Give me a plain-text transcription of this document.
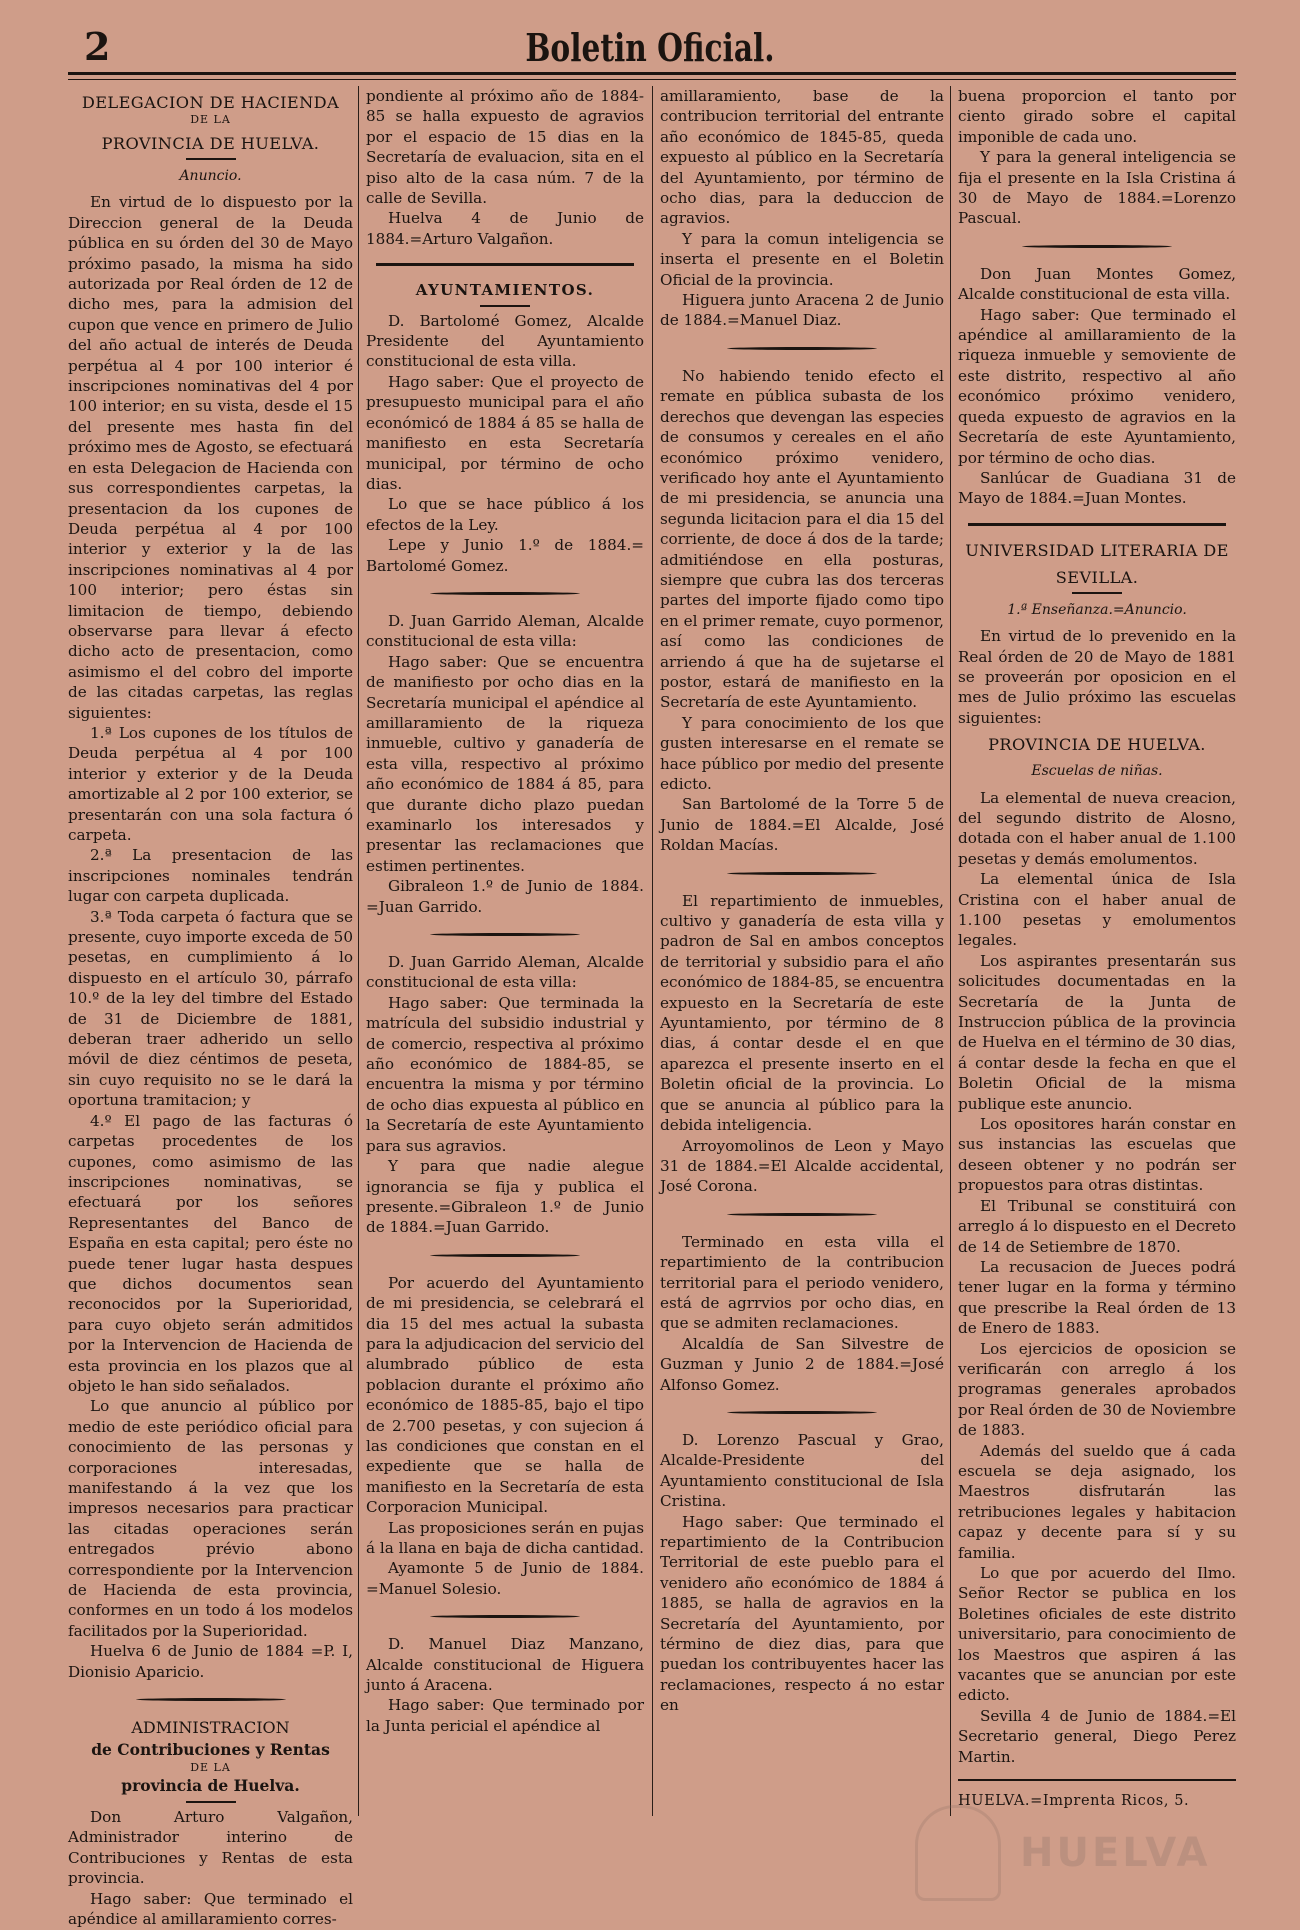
2	Boletin Oficial.
DELEGACION DE HACIENDA
DE LA
PROVINCIA DE HUELVA.
Anuncio.

En virtud de lo dispuesto por la Direccion general de la Deuda pública en su órden del 30 de Mayo próximo pasado, la misma ha sido autorizada por Real órden de 12 de dicho mes, para la admision del cupon que vence en primero de Julio del año actual de interés de Deuda perpétua al 4 por 100 interior é inscripciones nominativas del 4 por 100 interior; en su vista, desde el 15 del presente mes hasta fin del próximo mes de Agosto, se efectuará en esta Delegacion de Hacienda con sus correspondientes carpetas, la presentacion da los cupones de Deuda perpétua al 4 por 100 interior y exterior y la de las inscripciones nominativas al 4 por 100 interior; pero éstas sin limitacion de tiempo, debiendo observarse para llevar á efecto dicho acto de presentacion, como asimismo el del cobro del importe de las citadas carpetas, las reglas siguientes:

1.ª Los cupones de los títulos de Deuda perpétua al 4 por 100 interior y exterior y de la Deuda amortizable al 2 por 100 exterior, se presentarán con una sola factura ó carpeta.

2.ª La presentacion de las inscripciones nominales tendrán lugar con carpeta duplicada.

3.ª Toda carpeta ó factura que se presente, cuyo importe exceda de 50 pesetas, en cumplimiento á lo dispuesto en el artículo 30, párrafo 10.º de la ley del timbre del Estado de 31 de Diciembre de 1881, deberan traer adherido un sello móvil de diez céntimos de peseta, sin cuyo requisito no se le dará la oportuna tramitacion; y

4.º El pago de las facturas ó carpetas procedentes de los cupones, como asimismo de las inscripciones nominativas, se efectuará por los señores Representantes del Banco de España en esta capital; pero éste no puede tener lugar hasta despues que dichos documentos sean reconocidos por la Superioridad, para cuyo objeto serán admitidos por la Intervencion de Hacienda de esta provincia en los plazos que al objeto le han sido señalados.

Lo que anuncio al público por medio de este periódico oficial para conocimiento de las personas y corporaciones interesadas, manifestando á la vez que los impresos necesarios para practicar las citadas operaciones serán entregados prévio abono correspondiente por la Intervencion de Hacienda de esta provincia, conformes en un todo á los modelos facilitados por la Superioridad.

Huelva 6 de Junio de 1884 =P. I, Dionisio Aparicio.

ADMINISTRACION
de Contribuciones y Rentas
DE LA
provincia de Huelva.

Don Arturo Valgañon, Administrador interino de Contribuciones y Rentas de esta provincia.

Hago saber: Que terminado el apéndice al amillaramiento corres-

pondiente al próximo año de 1884-85 se halla expuesto de agravios por el espacio de 15 dias en la Secretaría de evaluacion, sita en el piso alto de la casa núm. 7 de la calle de Sevilla.

Huelva 4 de Junio de 1884.=Arturo Valgañon.

AYUNTAMIENTOS.

D. Bartolomé Gomez, Alcalde Presidente del Ayuntamiento constitucional de esta villa.

Hago saber: Que el proyecto de presupuesto municipal para el año económicó de 1884 á 85 se halla de manifiesto en esta Secretaría municipal, por término de ocho dias.

Lo que se hace público á los efectos de la Ley.

Lepe y Junio 1.º de 1884.= Bartolomé Gomez.

D. Juan Garrido Aleman, Alcalde constitucional de esta villa:

Hago saber: Que se encuentra de manifiesto por ocho dias en la Secretaría municipal el apéndice al amillaramiento de la riqueza inmueble, cultivo y ganadería de esta villa, respectivo al próximo año económico de 1884 á 85, para que durante dicho plazo puedan examinarlo los interesados y presentar las reclamaciones que estimen pertinentes.

Gibraleon 1.º de Junio de 1884. =Juan Garrido.

D. Juan Garrido Aleman, Alcalde constitucional de esta villa:

Hago saber: Que terminada la matrícula del subsidio industrial y de comercio, respectiva al próximo año económico de 1884-85, se encuentra la misma y por término de ocho dias expuesta al público en la Secretaría de este Ayuntamiento para sus agravios.

Y para que nadie alegue ignorancia se fija y publica el presente.=Gibraleon 1.º de Junio de 1884.=Juan Garrido.

Por acuerdo del Ayuntamiento de mi presidencia, se celebrará el dia 15 del mes actual la subasta para la adjudicacion del servicio del alumbrado público de esta poblacion durante el próximo año económico de 1885-85, bajo el tipo de 2.700 pesetas, y con sujecion á las condiciones que constan en el expediente que se halla de manifiesto en la Secretaría de esta Corporacion Municipal.

Las proposiciones serán en pujas á la llana en baja de dicha cantidad.

Ayamonte 5 de Junio de 1884. =Manuel Solesio.

D. Manuel Diaz Manzano, Alcalde constitucional de Higuera junto á Aracena.

Hago saber: Que terminado por la Junta pericial el apéndice al

amillaramiento, base de la contribucion territorial del entrante año económico de 1845-85, queda expuesto al público en la Secretaría del Ayuntamiento, por término de ocho dias, para la deduccion de agravios.

Y para la comun inteligencia se inserta el presente en el Boletin Oficial de la provincia.

Higuera junto Aracena 2 de Junio de 1884.=Manuel Diaz.

No habiendo tenido efecto el remate en pública subasta de los derechos que devengan las especies de consumos y cereales en el año económico próximo venidero, verificado hoy ante el Ayuntamiento de mi presidencia, se anuncia una segunda licitacion para el dia 15 del corriente, de doce á dos de la tarde; admitiéndose en ella posturas, siempre que cubra las dos terceras partes del importe fijado como tipo en el primer remate, cuyo pormenor, así como las condiciones de arriendo á que ha de sujetarse el postor, estará de manifiesto en la Secretaría de este Ayuntamiento.

Y para conocimiento de los que gusten interesarse en el remate se hace público por medio del presente edicto.

San Bartolomé de la Torre 5 de Junio de 1884.=El Alcalde, José Roldan Macías.

El repartimiento de inmuebles, cultivo y ganadería de esta villa y padron de Sal en ambos conceptos de territorial y subsidio para el año económico de 1884-85, se encuentra expuesto en la Secretaría de este Ayuntamiento, por término de 8 dias, á contar desde el en que aparezca el presente inserto en el Boletin oficial de la provincia. Lo que se anuncia al público para la debida inteligencia.

Arroyomolinos de Leon y Mayo 31 de 1884.=El Alcalde accidental, José Corona.

Terminado en esta villa el repartimiento de la contribucion territorial para el periodo venidero, está de agrrvios por ocho dias, en que se admiten reclamaciones.

Alcaldía de San Silvestre de Guzman y Junio 2 de 1884.=José Alfonso Gomez.

D. Lorenzo Pascual y Grao, Alcalde-Presidente del Ayuntamiento constitucional de Isla Cristina.

Hago saber: Que terminado el repartimiento de la Contribucion Territorial de este pueblo para el venidero año económico de 1884 á 1885, se halla de agravios en la Secretaría del Ayuntamiento, por término de diez dias, para que puedan los contribuyentes hacer las reclamaciones, respecto á no estar en

buena proporcion el tanto por ciento girado sobre el capital imponible de cada uno.

Y para la general inteligencia se fija el presente en la Isla Cristina á 30 de Mayo de 1884.=Lorenzo Pascual.

Don Juan Montes Gomez, Alcalde constitucional de esta villa.

Hago saber: Que terminado el apéndice al amillaramiento de la riqueza inmueble y semoviente de este distrito, respectivo al año económico próximo venidero, queda expuesto de agravios en la Secretaría de este Ayuntamiento, por término de ocho dias.

Sanlúcar de Guadiana 31 de Mayo de 1884.=Juan Montes.

UNIVERSIDAD LITERARIA DE
SEVILLA.
1.ª Enseñanza.=Anuncio.

En virtud de lo prevenido en la Real órden de 20 de Mayo de 1881 se proveerán por oposicion en el mes de Julio próximo las escuelas siguientes:

PROVINCIA DE HUELVA.
Escuelas de niñas.

La elemental de nueva creacion, del segundo distrito de Alosno, dotada con el haber anual de 1.100 pesetas y demás emolumentos.

La elemental única de Isla Cristina con el haber anual de 1.100 pesetas y emolumentos legales.

Los aspirantes presentarán sus solicitudes documentadas en la Secretaría de la Junta de Instruccion pública de la provincia de Huelva en el término de 30 dias, á contar desde la fecha en que el Boletin Oficial de la misma publique este anuncio.

Los opositores harán constar en sus instancias las escuelas que deseen obtener y no podrán ser propuestos para otras distintas.

El Tribunal se constituirá con arreglo á lo dispuesto en el Decreto de 14 de Setiembre de 1870.

La recusacion de Jueces podrá tener lugar en la forma y término que prescribe la Real órden de 13 de Enero de 1883.

Los ejercicios de oposicion se verificarán con arreglo á los programas generales aprobados por Real órden de 30 de Noviembre de 1883.

Además del sueldo que á cada escuela se deja asignado, los Maestros disfrutarán las retribuciones legales y habitacion capaz y decente para sí y su familia.

Lo que por acuerdo del Ilmo. Señor Rector se publica en los Boletines oficiales de este distrito universitario, para conocimiento de los Maestros que aspiren á las vacantes que se anuncian por este edicto.

Sevilla 4 de Junio de 1884.=El Secretario general, Diego Perez Martin.

HUELVA.=Imprenta Ricos, 5.
HUELVA
